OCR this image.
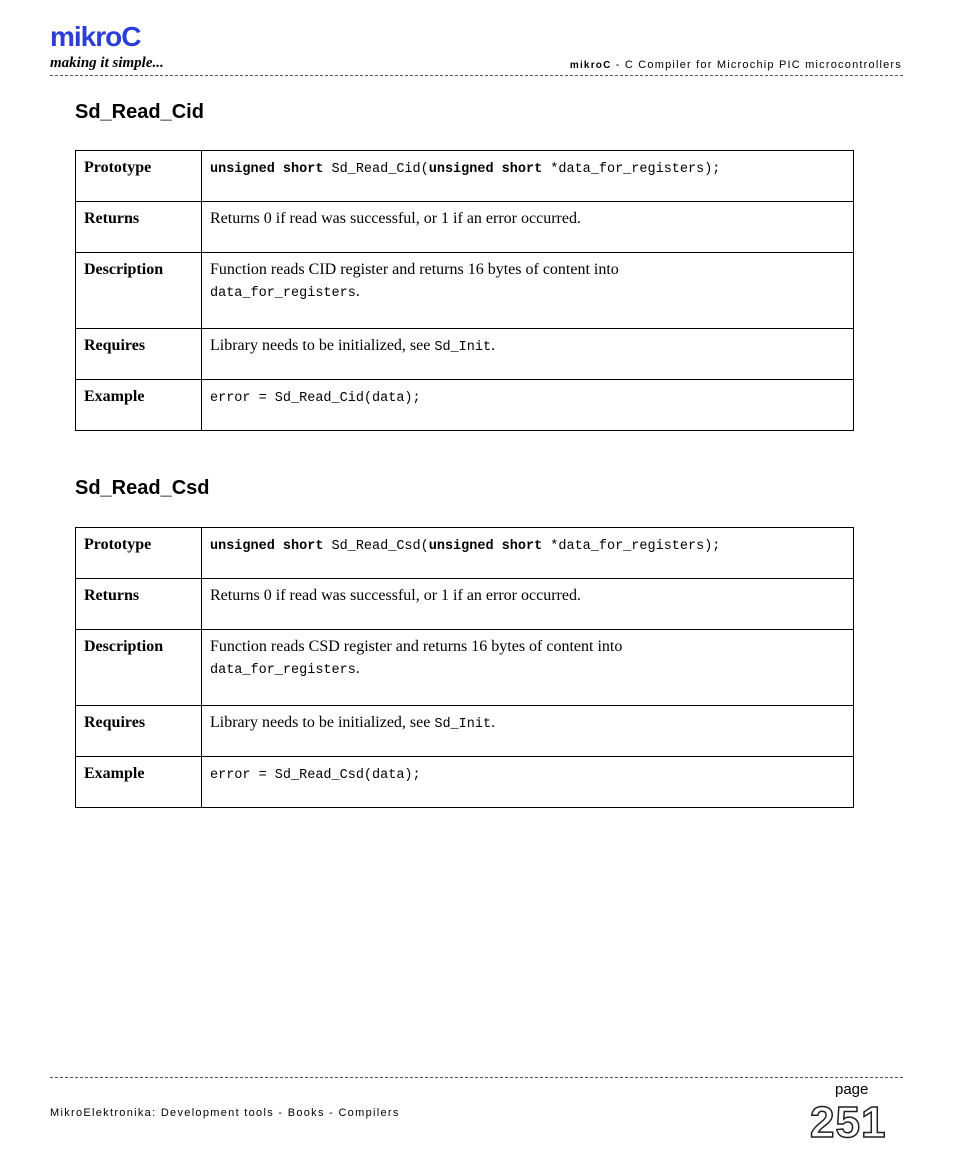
mikroC
making it simple...	mikroC - C Compiler for Microchip PIC microcontrollers
Sd_Read_Cid
Prototype	unsigned short Sd_Read_Cid(unsigned short *data_for_registers);
Returns	Returns 0 if read was successful, or 1 if an error occurred.
Description	Function reads CID register and returns 16 bytes of content into
data_for_registers.
Requires	Library needs to be initialized, see Sd_Init.
Example	error = Sd_Read_Cid(data);
Sd_Read_Csd
Prototype	unsigned short Sd_Read_Csd(unsigned short *data_for_registers);
Returns	Returns 0 if read was successful, or 1 if an error occurred.
Description	Function reads CSD register and returns 16 bytes of content into
data_for_registers.
Requires	Library needs to be initialized, see Sd_Init.
Example	error = Sd_Read_Csd(data);
MikroElektronika: Development tools - Books - Compilers
page
251
